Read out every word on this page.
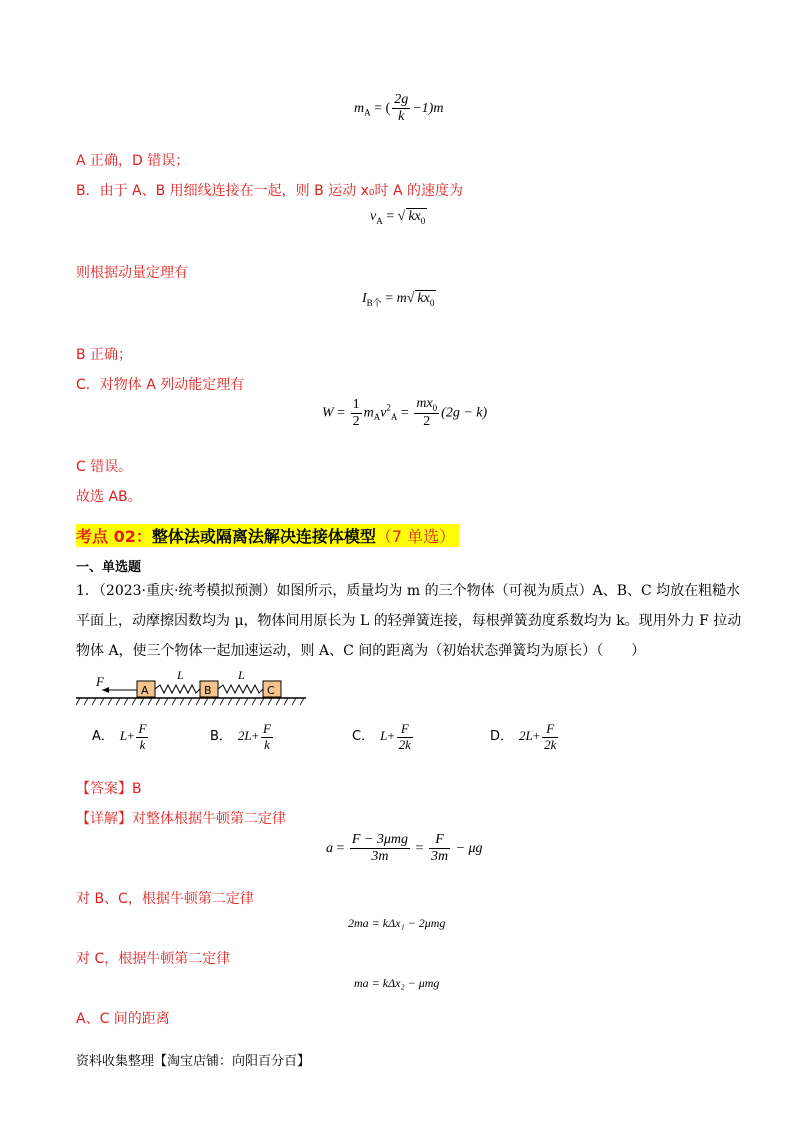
$m_A$ = ( $\frac{2g}{k} -1)m$
A 正确，D 错误；
B．由于 A、B 用细线连接在一起，则 B 运动 x₀时 A 的速度为
$v_A$ = √ $kx_0$
则根据动量定理有
$I_{B个} = m√$ $kx_0$
B 正确；
C．对物体 A 列动能定理有
$W = \frac{1}{2} m_Av^2_A = \frac{mx_0}{2} (2g - k)$
C 错误。
故选 AB。
考点 02：整体法或隔离法解决连接体模型（7 单选）
一、单选题
1．（2023·重庆·统考模拟预测）如图所示，质量均为 m 的三个物体（可视为质点）A、B、C 均放在粗糙水
平面上，动摩擦因数均为 μ，物体间用原长为 L 的轻弹簧连接，每根弹簧劲度系数均为 k。现用外力 F 拉动
物体 A，使三个物体一起加速运动，则 A、C 间的距离为（初始状态弹簧均为原长）（　　）
F
A
L
B
L
C
A． $L+ \frac{F}{k}$	B． $2L+ \frac{F}{k}$	C． $L+ \frac{F}{2k}$	D． $2L+ \frac{F}{2k}$
【答案】B
【详解】对整体根据牛顿第二定律
$a = \frac{\text{F − 3μmg}}{3m} = \frac{F}{3m} - \mu g$
对 B、C，根据牛顿第二定律
2ma = kΔx₁ − 2μmg
对 C，根据牛顿第二定律
ma = kΔx₂ − μmg
A、C 间的距离
资料收集整理【淘宝店铺：向阳百分百】
